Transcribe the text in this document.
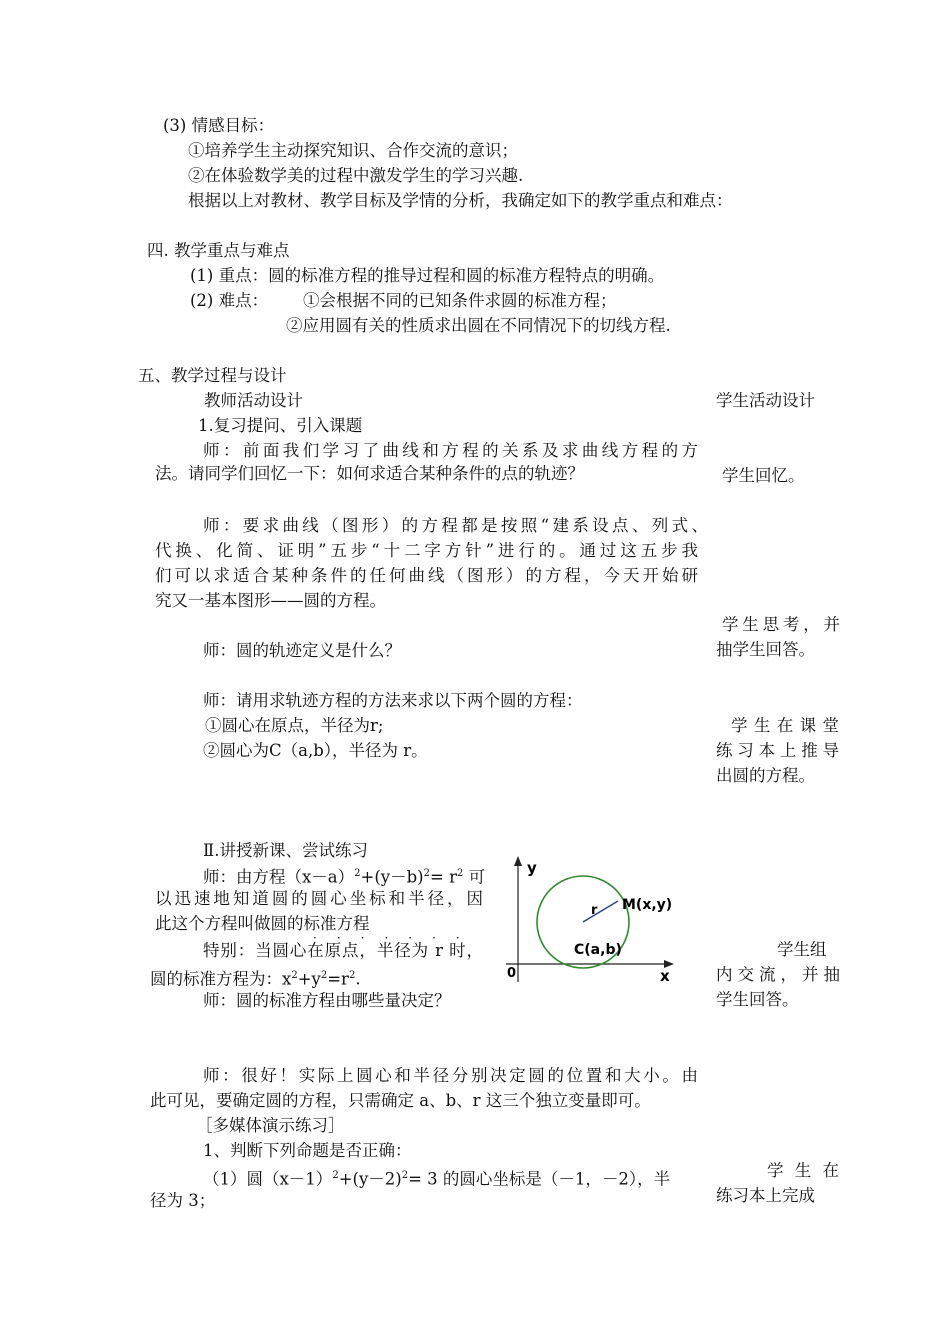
(3) 情感目标：
①培养学生主动探究知识、合作交流的意识；
②在体验数学美的过程中激发学生的学习兴趣.
根据以上对教材、教学目标及学情的分析，我确定如下的教学重点和难点：
四. 教学重点与难点
(1) 重点：圆的标准方程的推导过程和圆的标准方程特点的明确。
(2) 难点： ①会根据不同的已知条件求圆的标准方程；
②应用圆有关的性质求出圆在不同情况下的切线方程.
五、教学过程与设计
教师活动设计	学生活动设计
1.复习提问、引入课题
师：前面我们学习了曲线和方程的关系及求曲线方程的方
法。请同学们回忆一下：如何求适合某种条件的点的轨迹？	学生回忆。
师：要求曲线（图形）的方程都是按照“建系设点、列式、
代换、化简、证明”五步“十二字方针”进行的。通过这五步我
们可以求适合某种条件的任何曲线（图形）的方程，今天开始研
究又一基本图形——圆的方程。
学生思考，并
抽学生回答。
师：圆的轨迹定义是什么？
师：请用求轨迹方程的方法来求以下两个圆的方程：
①圆心在原点，半径为r;
②圆心为C（a,b），半径为 r。
学生在课堂
练习本上推导
出圆的方程。
Ⅱ.讲授新课、尝试练习
师：由方程$(x-a)^2+(y-b)^2= r^2$ 可
以迅速地知道圆的圆心坐标和半径，因
此这个方程叫做圆的标准方程
·······
特别：当圆心在原点，半径为 r 时，
圆的标准方程为：$x^2+y^2=r^2$.
师：圆的标准方程由哪些量决定？
学生组
内交流，并抽
学生回答。
y
x
0
r M(x,y)
C(a,b)
师：很好！实际上圆心和半径分别决定圆的位置和大小。由
此可见，要确定圆的方程，只需确定 a、b、r 这三个独立变量即可。
［多媒体演示练习］
1、判断下列命题是否正确：
（1）圆$(x-1)^2+(y-2)^2= 3$ 的圆心坐标是（－1，－2），半
径为 3；
学生在
练习本上完成
